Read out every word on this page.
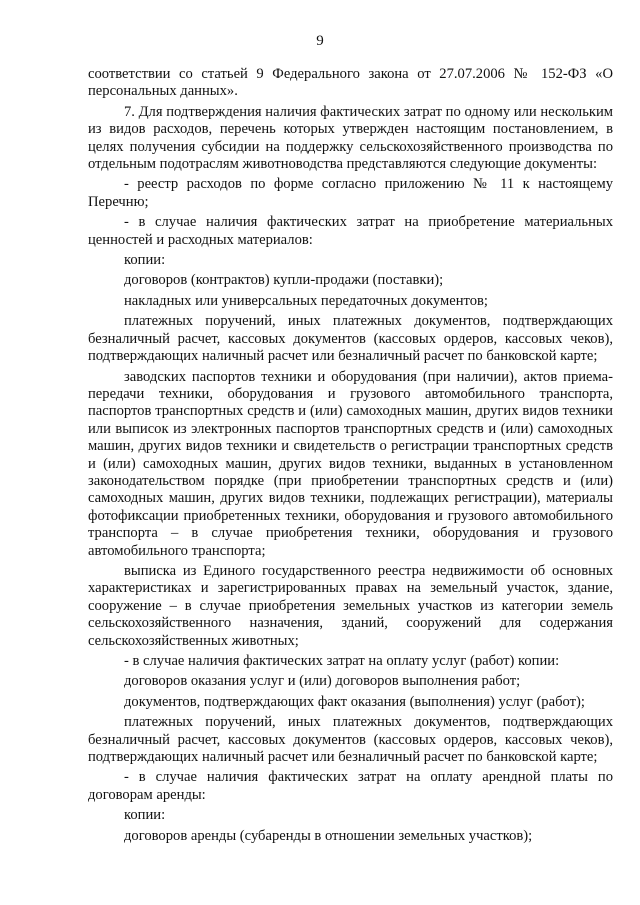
9

соответствии со статьей 9 Федерального закона от 27.07.2006 № 152-ФЗ «О персональных данных».

7. Для подтверждения наличия фактических затрат по одному или нескольким из видов расходов, перечень которых утвержден настоящим постановлением, в целях получения субсидии на поддержку сельскохозяйственного производства по отдельным подотраслям животноводства представляются следующие документы:

- реестр расходов по форме согласно приложению № 11 к настоящему Перечню;

- в случае наличия фактических затрат на приобретение материальных ценностей и расходных материалов:

копии:

договоров (контрактов) купли-продажи (поставки);

накладных или универсальных передаточных документов;

платежных поручений, иных платежных документов, подтверждающих безналичный расчет, кассовых документов (кассовых ордеров, кассовых чеков), подтверждающих наличный расчет или безналичный расчет по банковской карте;

заводских паспортов техники и оборудования (при наличии), актов приема-передачи техники, оборудования и грузового автомобильного транспорта, паспортов транспортных средств и (или) самоходных машин, других видов техники или выписок из электронных паспортов транспортных средств и (или) самоходных машин, других видов техники и свидетельств о регистрации транспортных средств и (или) самоходных машин, других видов техники, выданных в установленном законодательством порядке (при приобретении транспортных средств и (или) самоходных машин, других видов техники, подлежащих регистрации), материалы фотофиксации приобретенных техники, оборудования и грузового автомобильного транспорта – в случае приобретения техники, оборудования и грузового автомобильного транспорта;

выписка из Единого государственного реестра недвижимости об основных характеристиках и зарегистрированных правах на земельный участок, здание, сооружение – в случае приобретения земельных участков из категории земель сельскохозяйственного назначения, зданий, сооружений для содержания сельскохозяйственных животных;

- в случае наличия фактических затрат на оплату услуг (работ) копии:

договоров оказания услуг и (или) договоров выполнения работ;

документов, подтверждающих факт оказания (выполнения) услуг (работ);

платежных поручений, иных платежных документов, подтверждающих безналичный расчет, кассовых документов (кассовых ордеров, кассовых чеков), подтверждающих наличный расчет или безналичный расчет по банковской карте;

- в случае наличия фактических затрат на оплату арендной платы по договорам аренды:

копии:

договоров аренды (субаренды в отношении земельных участков);
